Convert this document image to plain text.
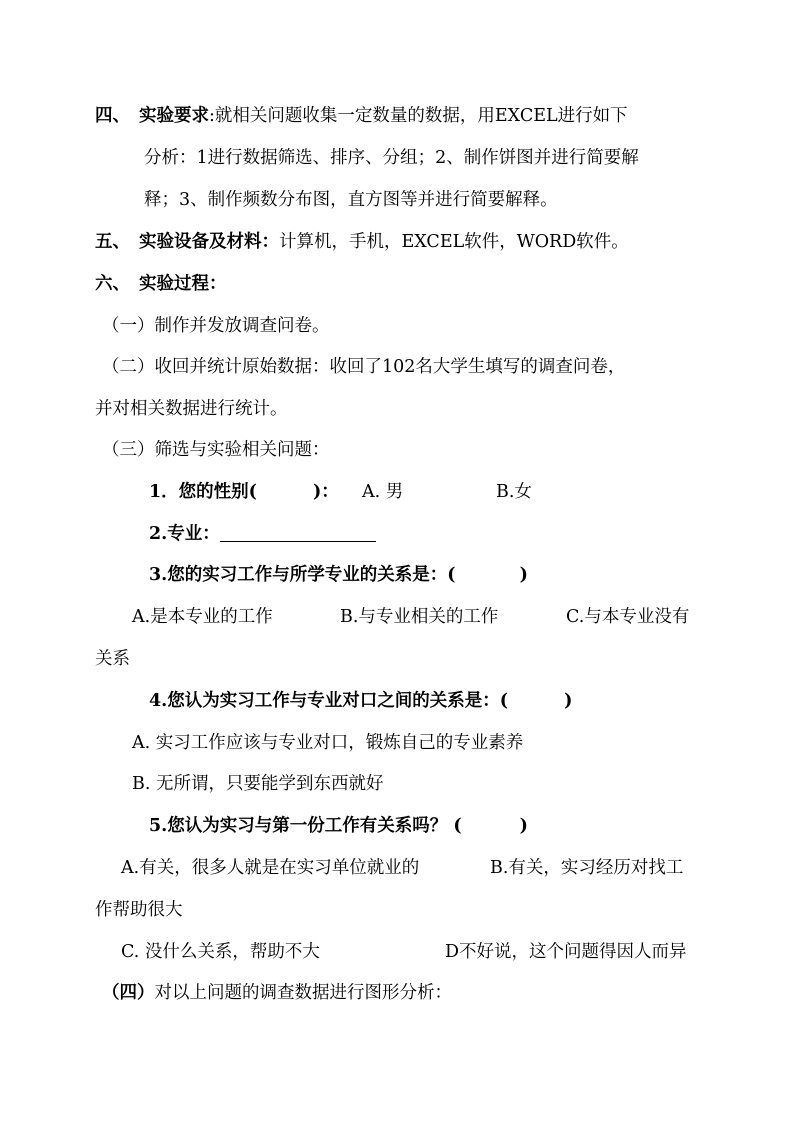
四、 实验要求:就相关问题收集一定数量的数据，用EXCEL进行如下
分析：1进行数据筛选、排序、分组；2、制作饼图并进行简要解
释；3、制作频数分布图，直方图等并进行简要解释。
五、 实验设备及材料：计算机，手机，EXCEL软件，WORD软件。
六、 实验过程：
（一）制作并发放调查问卷。
（二）收回并统计原始数据：收回了102名大学生填写的调查问卷，
并对相关数据进行统计。
（三）筛选与实验相关问题：
1．您的性别(	)： A. 男	B.女
2.专业：
3.您的实习工作与所学专业的关系是：(	)
A.是本专业的工作	B.与专业相关的工作	C.与本专业没有
关系
4.您认为实习工作与专业对口之间的关系是：(	)
A. 实习工作应该与专业对口，锻炼自己的专业素养
B. 无所谓，只要能学到东西就好
5.您认为实习与第一份工作有关系吗？ (	)
A.有关，很多人就是在实习单位就业的	B.有关，实习经历对找工
作帮助很大
C. 没什么关系，帮助不大	D不好说，这个问题得因人而异
（四）对以上问题的调查数据进行图形分析：
